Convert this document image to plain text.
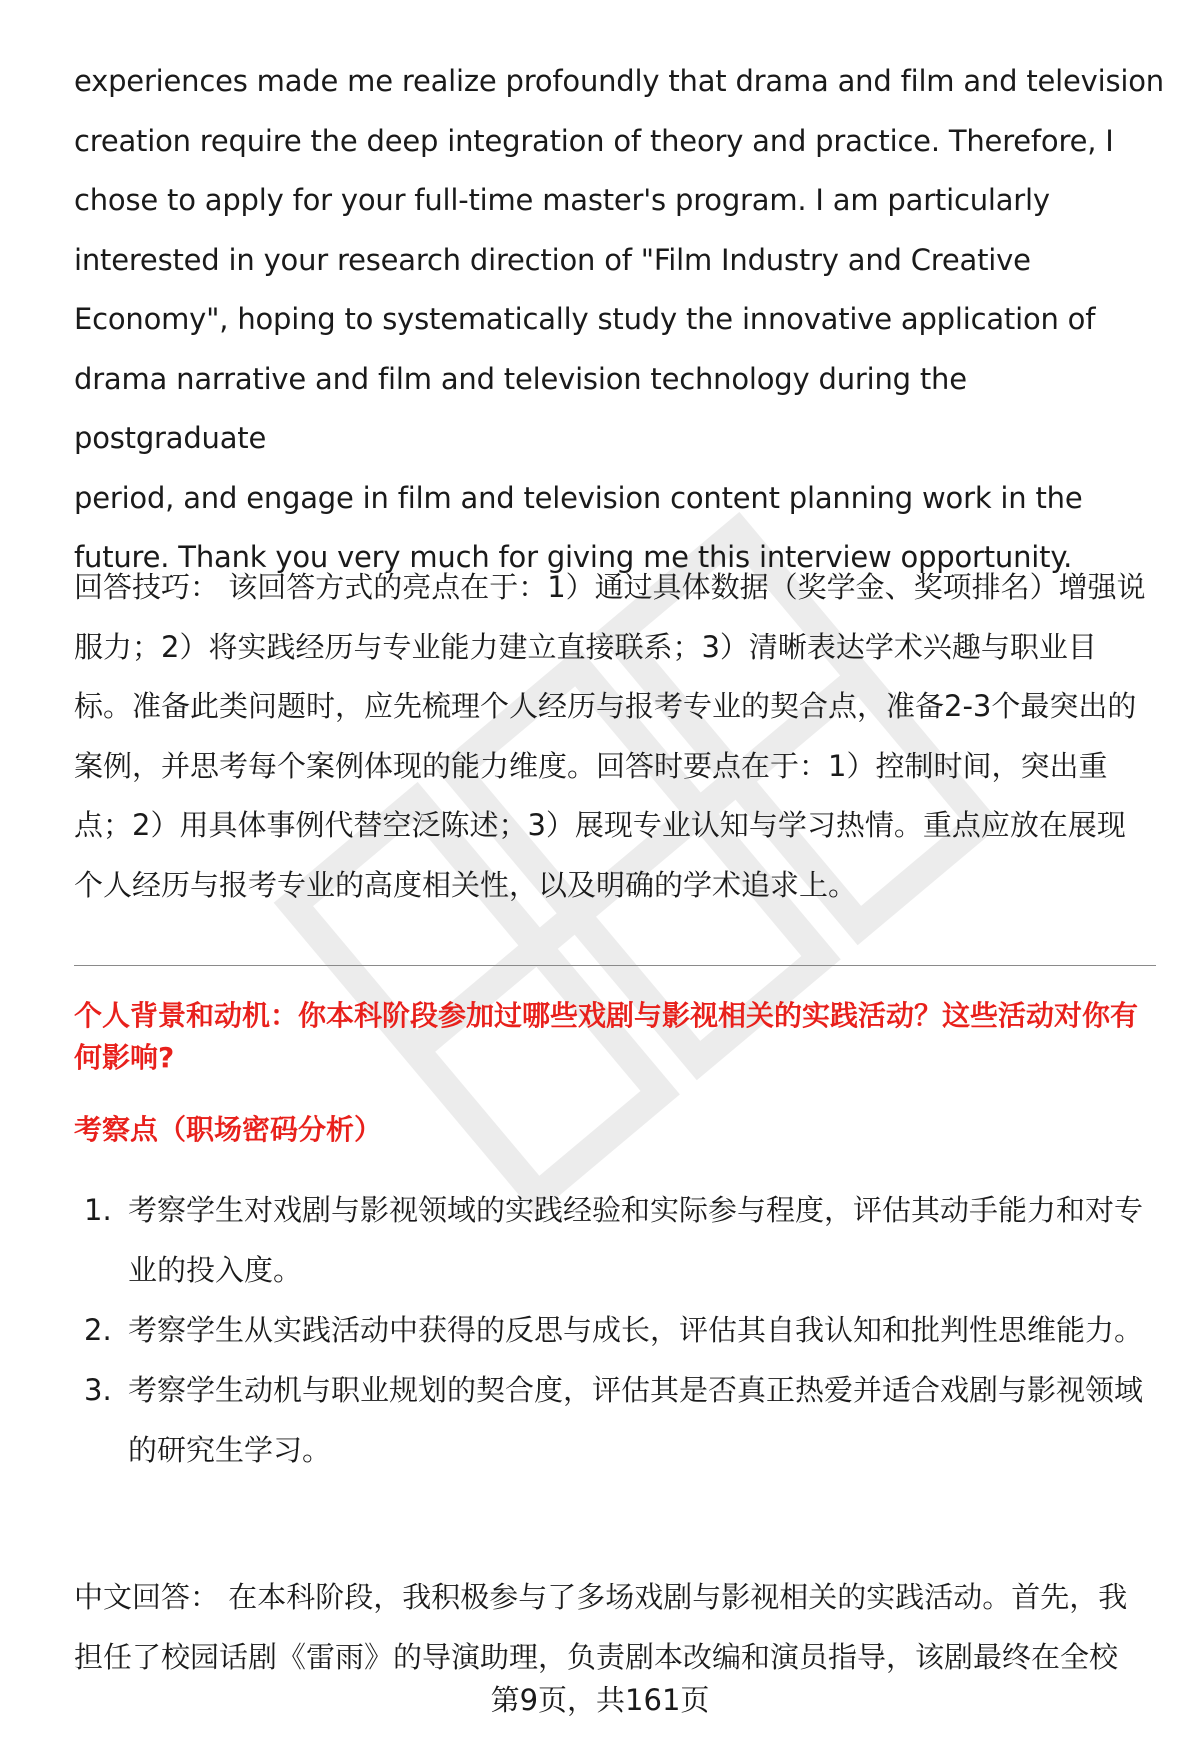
experiences made me realize profoundly that drama and film and television
creation require the deep integration of theory and practice. Therefore, I
chose to apply for your full-time master's program. I am particularly
interested in your research direction of "Film Industry and Creative
Economy", hoping to systematically study the innovative application of
drama narrative and film and television technology during the postgraduate
period, and engage in film and television content planning work in the
future. Thank you very much for giving me this interview opportunity.

回答技巧： 该回答方式的亮点在于：1）通过具体数据（奖学金、奖项排名）增强说服力；2）将实践经历与专业能力建立直接联系；3）清晰表达学术兴趣与职业目标。准备此类问题时，应先梳理个人经历与报考专业的契合点，准备2-3个最突出的案例，并思考每个案例体现的能力维度。回答时要点在于：1）控制时间，突出重点；2）用具体事例代替空泛陈述；3）展现专业认知与学习热情。重点应放在展现个人经历与报考专业的高度相关性，以及明确的学术追求上。

个人背景和动机：你本科阶段参加过哪些戏剧与影视相关的实践活动？这些活动对你有何影响?

考察点（职场密码分析）

1. 考察学生对戏剧与影视领域的实践经验和实际参与程度，评估其动手能力和对专业的投入度。
2. 考察学生从实践活动中获得的反思与成长，评估其自我认知和批判性思维能力。
3. 考察学生动机与职业规划的契合度，评估其是否真正热爱并适合戏剧与影视领域的研究生学习。

中文回答： 在本科阶段，我积极参与了多场戏剧与影视相关的实践活动。首先，我担任了校园话剧《雷雨》的导演助理，负责剧本改编和演员指导，该剧最终在全校

第9页，共161页
